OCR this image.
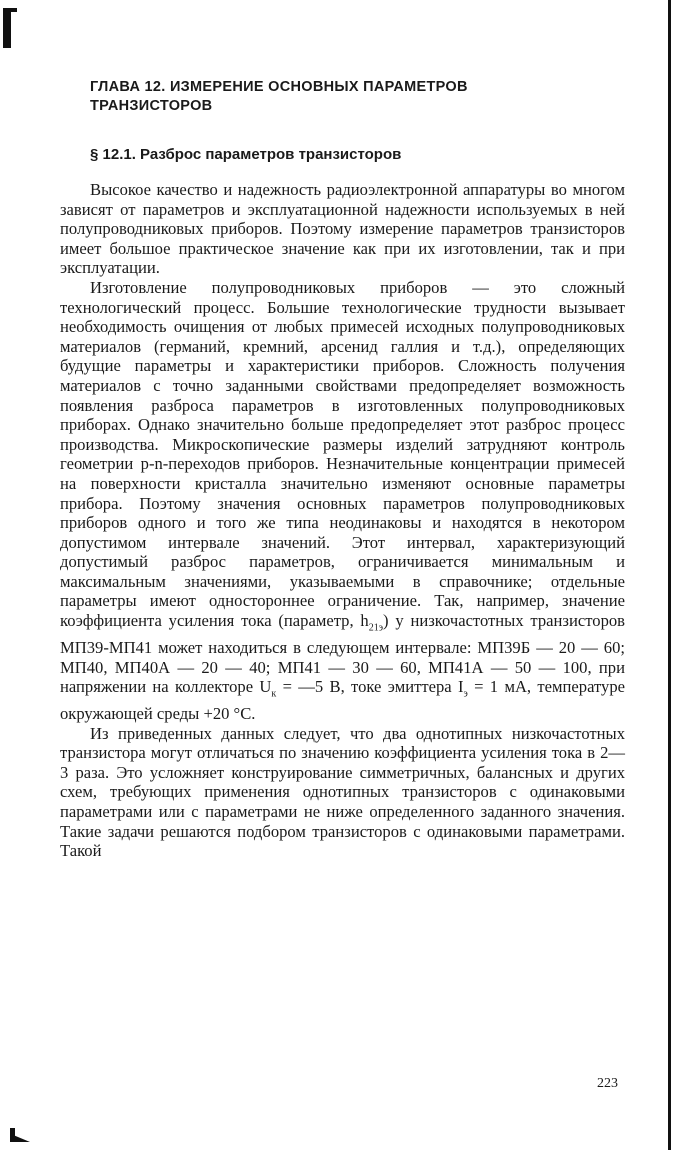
ГЛАВА 12. ИЗМЕРЕНИЕ ОСНОВНЫХ ПАРАМЕТРОВ
ТРАНЗИСТОРОВ
§ 12.1. Разброс параметров транзисторов

Высокое качество и надежность радиоэлектронной аппаратуры во многом зависят от параметров и эксплуатационной надежности используемых в ней полупроводниковых приборов. Поэтому измерение параметров транзисторов имеет большое практическое значение как при их изготовлении, так и при эксплуатации.

Изготовление полупроводниковых приборов — это сложный технологический процесс. Большие технологические трудности вызывает необходимость очищения от любых примесей исходных полупроводниковых материалов (германий, кремний, арсенид галлия и т.д.), определяющих будущие параметры и характеристики приборов. Сложность получения материалов с точно заданными свойствами предопределяет возможность появления разброса параметров в изготовленных полупроводниковых приборах. Однако значительно больше предопределяет этот разброс процесс производства. Микроскопические размеры изделий затрудняют контроль геометрии p-n-переходов приборов. Незначительные концентрации примесей на поверхности кристалла значительно изменяют основные параметры прибора. Поэтому значения основных параметров полупроводниковых приборов одного и того же типа неодинаковы и находятся в некотором допустимом интервале значений. Этот интервал, характеризующий допустимый разброс параметров, ограничивается минимальным и максимальным значениями, указываемыми в справочнике; отдельные параметры имеют одностороннее ограничение. Так, например, значение коэффициента усиления тока (параметр, $h_{21э}$) у низкочастотных транзисторов МП39-МП41 может находиться в следующем интервале: МП39Б — 20 — 60; МП40, МП40А — 20 — 40; МП41 — 30 — 60, МП41А — 50 — 100, при напряжении на коллекторе $U_к$ = —5 В, токе эмиттера $I_э = 1$ мА, температуре окружающей среды +20 °С.

Из приведенных данных следует, что два однотипных низкочастотных транзистора могут отличаться по значению коэффициента усиления тока в 2—3 раза. Это усложняет конструирование симметричных, балансных и других схем, требующих применения однотипных транзисторов с одинаковыми параметрами или с параметрами не ниже определенного заданного значения. Такие задачи решаются подбором транзисторов с одинаковыми параметрами. Такой

223
